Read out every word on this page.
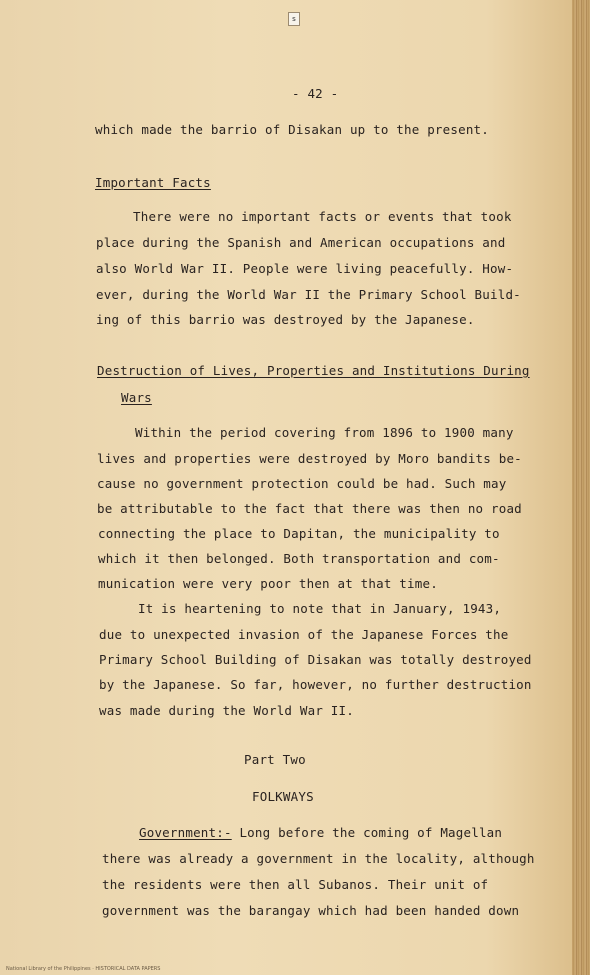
s
- 42 -
which made the barrio of Disakan up to the present.
Important Facts
There were no important facts or events that took
place during the Spanish and American occupations and
also World War II. People were living peacefully. How-
ever, during the World War II the Primary School Build-
ing of this barrio was destroyed by the Japanese.
Destruction of Lives, Properties and Institutions During
Wars
Within the period covering from 1896 to 1900 many
lives and properties were destroyed by Moro bandits be-
cause no government protection could be had. Such may
be attributable to the fact that there was then no road
connecting the place to Dapitan, the municipality to
which it then belonged. Both transportation and com-
munication were very poor then at that time.
It is heartening to note that in January, 1943,
due to unexpected invasion of the Japanese Forces the
Primary School Building of Disakan was totally destroyed
by the Japanese. So far, however, no further destruction
was made during the World War II.
Part Two
FOLKWAYS
Government:- Long before the coming of Magellan
there was already a government in the locality, although
the residents were then all Subanos. Their unit of
government was the barangay which had been handed down
National Library of the Philippines · HISTORICAL DATA PAPERS
